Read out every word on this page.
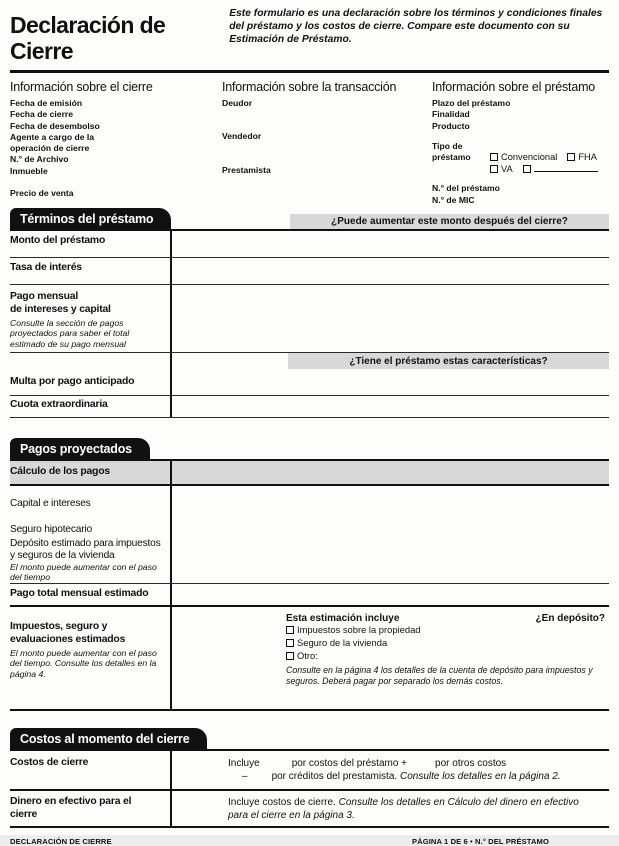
Declaración de Cierre
Este formulario es una declaración sobre los términos y condiciones finales del préstamo y los costos de cierre. Compare este documento con su Estimación de Préstamo.
Información sobre el cierre
Fecha de emisión
Fecha de cierre
Fecha de desembolso
Agente a cargo de la operación de cierre
N.° de Archivo
Inmueble
Precio de venta
Información sobre la transacción
Deudor
Vendedor
Prestamista
Información sobre el préstamo
Plazo del préstamo
Finalidad
Producto
Tipo de
préstamo	Convencional FHA
VA
N.° del préstamo
N.° de MIC
Términos del préstamo	¿Puede aumentar este monto después del cierre?
Monto del préstamo
Tasa de interés
Pago mensual
de intereses y capital
Consulte la sección de pagos proyectados para saber el total estimado de su pago mensual
¿Tiene el préstamo estas características?
Multa por pago anticipado
Cuota extraordinaria
Pagos proyectados
Cálculo de los pagos
Capital e intereses
Seguro hipotecario
Depósito estimado para impuestos y seguros de la vivienda
El monto puede aumentar con el paso del tiempo
Pago total mensual estimado
Impuestos, seguro y evaluaciones estimados
El monto puede aumentar con el paso del tiempo. Consulte los detalles en la página 4.
Esta estimación incluye	¿En depósito?
Impuestos sobre la propiedad
Seguro de la vivienda
Otro:
Consulte en la página 4 los detalles de la cuenta de depósito para impuestos y seguros. Deberá pagar por separado los demás costos.
Costos al momento del cierre
Costos de cierre	Incluye	por costos del préstamo +	por otros costos
– por créditos del prestamista. Consulte los detalles en la página 2.
Dinero en efectivo para el cierre
Incluye costos de cierre. Consulte los detalles en Cálculo del dinero en efectivo para el cierre en la página 3.
DECLARACIÓN DE CIERRE	PÁGINA 1 DE 6 • N.° DEL PRÉSTAMO
